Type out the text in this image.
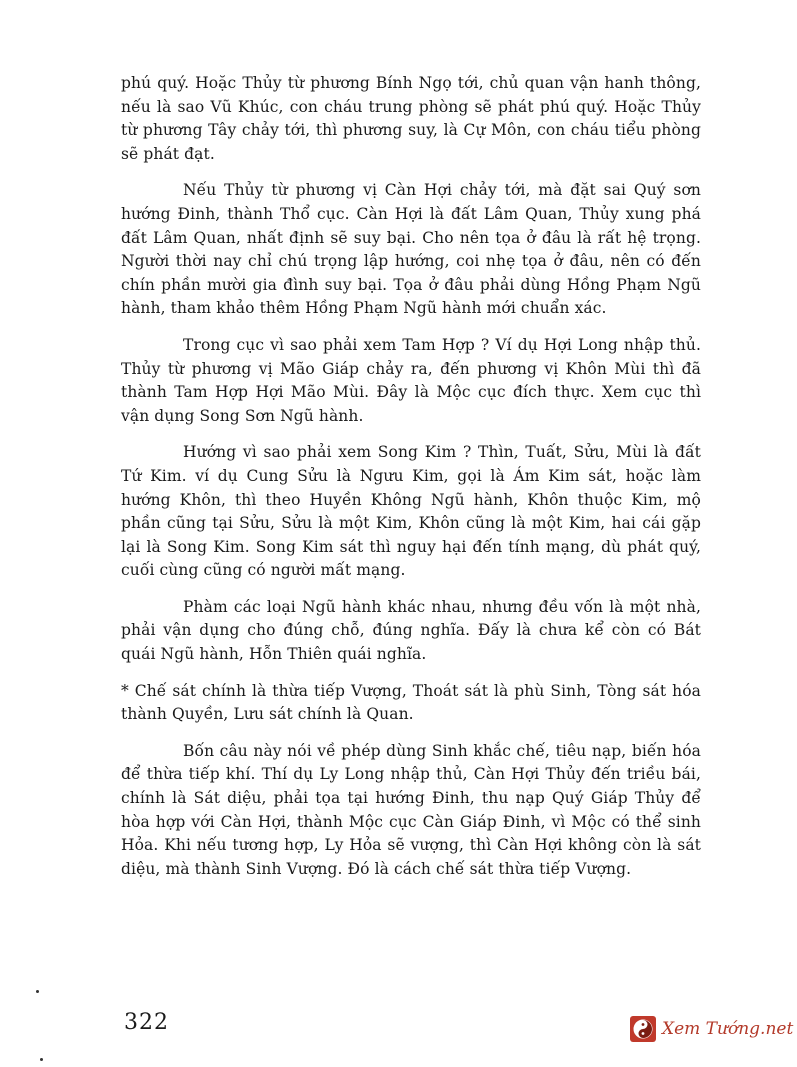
phú quý. Hoặc Thủy từ phương Bính Ngọ tới, chủ quan vận hanh thông, nếu là sao Vũ Khúc, con cháu trung phòng sẽ phát phú quý. Hoặc Thủy từ phương Tây chảy tới, thì phương suy, là Cự Môn, con cháu tiểu phòng sẽ phát đạt.

Nếu Thủy từ phương vị Càn Hợi chảy tới, mà đặt sai Quý sơn hướng Đinh, thành Thổ cục. Càn Hợi là đất Lâm Quan, Thủy xung phá đất Lâm Quan, nhất định sẽ suy bại. Cho nên tọa ở đâu là rất hệ trọng. Người thời nay chỉ chú trọng lập hướng, coi nhẹ tọa ở đâu, nên có đến chín phần mười gia đình suy bại. Tọa ở đâu phải dùng Hồng Phạm Ngũ hành, tham khảo thêm Hồng Phạm Ngũ hành mới chuẩn xác.

Trong cục vì sao phải xem Tam Hợp ? Ví dụ Hợi Long nhập thủ. Thủy từ phương vị Mão Giáp chảy ra, đến phương vị Khôn Mùi thì đã thành Tam Hợp Hợi Mão Mùi. Đây là Mộc cục đích thực. Xem cục thì vận dụng Song Sơn Ngũ hành.

Hướng vì sao phải xem Song Kim ? Thìn, Tuất, Sửu, Mùi là đất Tứ Kim. ví dụ Cung Sửu là Ngưu Kim, gọi là Ám Kim sát, hoặc làm hướng Khôn, thì theo Huyền Không Ngũ hành, Khôn thuộc Kim, mộ phần cũng tại Sửu, Sửu là một Kim, Khôn cũng là một Kim, hai cái gặp lại là Song Kim. Song Kim sát thì nguy hại đến tính mạng, dù phát quý, cuối cùng cũng có người mất mạng.

Phàm các loại Ngũ hành khác nhau, nhưng đều vốn là một nhà, phải vận dụng cho đúng chỗ, đúng nghĩa. Đấy là chưa kể còn có Bát quái Ngũ hành, Hỗn Thiên quái nghĩa.

* Chế sát chính là thừa tiếp Vượng, Thoát sát là phù Sinh, Tòng sát hóa thành Quyền, Lưu sát chính là Quan.

Bốn câu này nói về phép dùng Sinh khắc chế, tiêu nạp, biến hóa để thừa tiếp khí. Thí dụ Ly Long nhập thủ, Càn Hợi Thủy đến triều bái, chính là Sát diệu, phải tọa tại hướng Đinh, thu nạp Quý Giáp Thủy để hòa hợp với Càn Hợi, thành Mộc cục Càn Giáp Đinh, vì Mộc có thể sinh Hỏa. Khi nếu tương hợp, Ly Hỏa sẽ vượng, thì Càn Hợi không còn là sát diệu, mà thành Sinh Vượng. Đó là cách chế sát thừa tiếp Vượng.

322	Xem Tướng.net
